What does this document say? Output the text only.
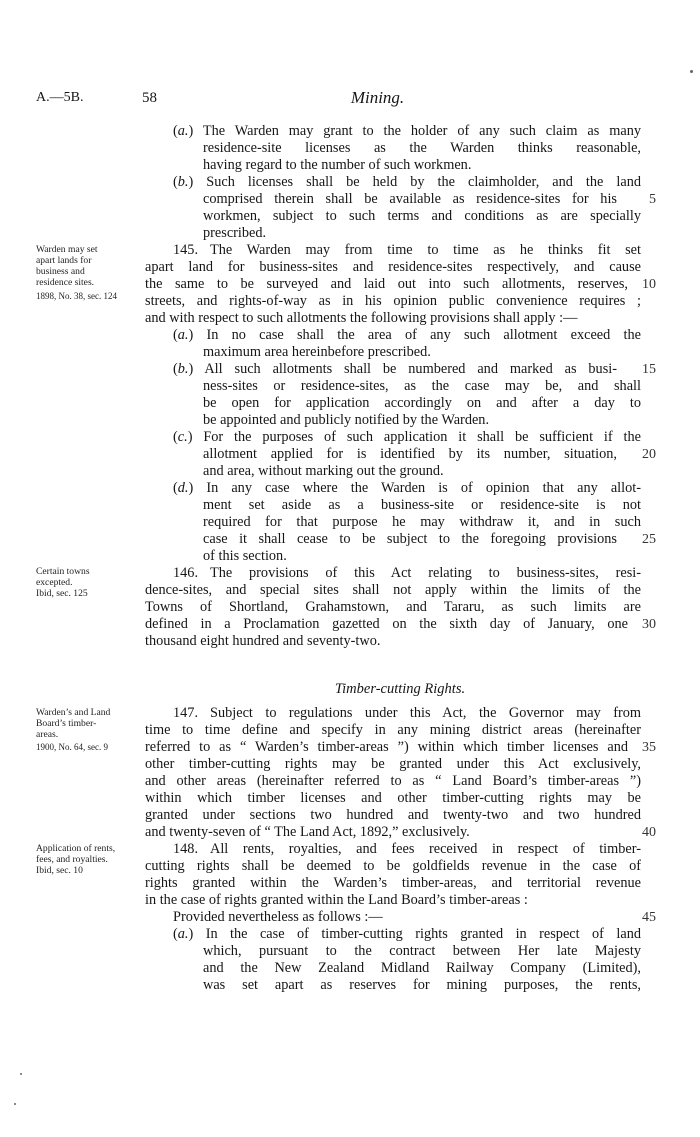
A.—5B.	58	Mining.
(a.) The Warden may grant to the holder of any such claim as many
residence-site licenses as the Warden thinks reasonable,
having regard to the number of such workmen.
(b.) Such licenses shall be held by the claimholder, and the land
comprised therein shall be available as residence-sites for his	5
workmen, subject to such terms and conditions as are specially
prescribed.
Warden may set
apart lands for
business and
residence sites.
1898, No. 38, sec. 124
145. The Warden may from time to time as he thinks fit set
apart land for business-sites and residence-sites respectively, and cause
the same to be surveyed and laid out into such allotments, reserves,	10
streets, and rights-of-way as in his opinion public convenience requires ;
and with respect to such allotments the following provisions shall apply :—
(a.) In no case shall the area of any such allotment exceed the
maximum area hereinbefore prescribed.
(b.) All such allotments shall be numbered and marked as busi-	15
ness-sites or residence-sites, as the case may be, and shall
be open for application accordingly on and after a day to
be appointed and publicly notified by the Warden.
(c.) For the purposes of such application it shall be sufficient if the
allotment applied for is identified by its number, situation,	20
and area, without marking out the ground.
(d.) In any case where the Warden is of opinion that any allot-
ment set aside as a business-site or residence-site is not
required for that purpose he may withdraw it, and in such
case it shall cease to be subject to the foregoing provisions	25
of this section.
Certain towns
excepted.
Ibid, sec. 125
146. The provisions of this Act relating to business-sites, resi-
dence-sites, and special sites shall not apply within the limits of the
Towns of Shortland, Grahamstown, and Tararu, as such limits are
defined in a Proclamation gazetted on the sixth day of January, one	30
thousand eight hundred and seventy-two.
Timber-cutting Rights.
Warden’s and Land
Board’s timber-
areas.
1900, No. 64, sec. 9
147. Subject to regulations under this Act, the Governor may from
time to time define and specify in any mining district areas (hereinafter
referred to as “ Warden’s timber-areas ”) within which timber licenses and	35
other timber-cutting rights may be granted under this Act exclusively,
and other areas (hereinafter referred to as “ Land Board’s timber-areas ”)
within which timber licenses and other timber-cutting rights may be
granted under sections two hundred and twenty-two and two hundred
and twenty-seven of “ The Land Act, 1892,” exclusively.	40
Application of rents,
fees, and royalties.
Ibid, sec. 10
148. All rents, royalties, and fees received in respect of timber-
cutting rights shall be deemed to be goldfields revenue in the case of
rights granted within the Warden’s timber-areas, and territorial revenue
in the case of rights granted within the Land Board’s timber-areas :
Provided nevertheless as follows :—	45
(a.) In the case of timber-cutting rights granted in respect of land
which, pursuant to the contract between Her late Majesty
and the New Zealand Midland Railway Company (Limited),
was set apart as reserves for mining purposes, the rents,
